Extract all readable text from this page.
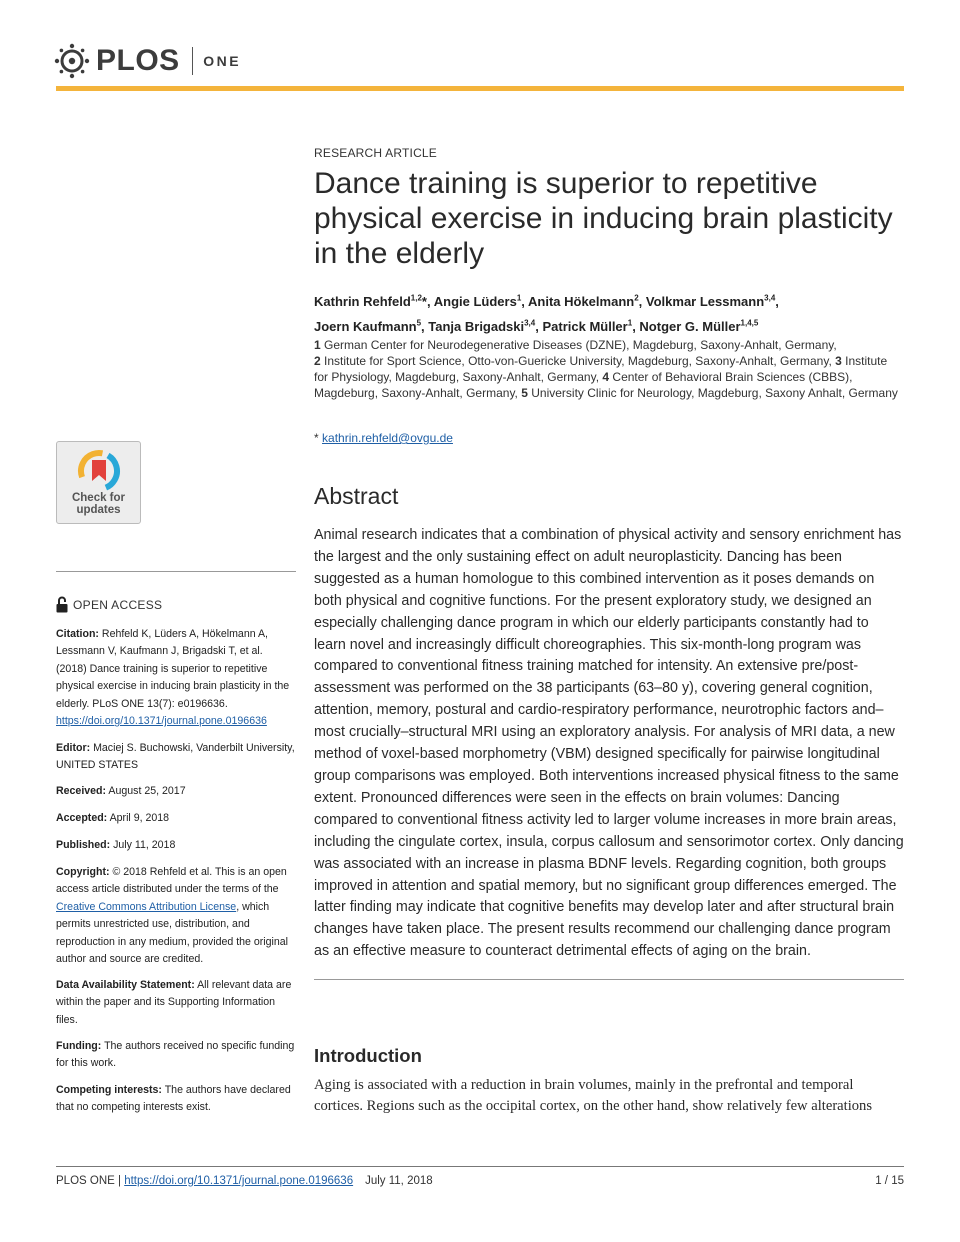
PLOS ONE
RESEARCH ARTICLE
Dance training is superior to repetitive physical exercise in inducing brain plasticity in the elderly
Kathrin Rehfeld$^{1,2}$*, Angie Lüders$^1$, Anita Hökelmann$^2$, Volkmar Lessmann$^{3,4}$,
Joern Kaufmann$^5$, Tanja Brigadski$^{3,4}$, Patrick Müller$^1$, Notger G. Müller$^{1,4,5}$
1 German Center for Neurodegenerative Diseases (DZNE), Magdeburg, Saxony-Anhalt, Germany,
2 Institute for Sport Science, Otto-von-Guericke University, Magdeburg, Saxony-Anhalt, Germany, 3 Institute for Physiology, Magdeburg, Saxony-Anhalt, Germany, 4 Center of Behavioral Brain Sciences (CBBS), Magdeburg, Saxony-Anhalt, Germany, 5 University Clinic for Neurology, Magdeburg, Saxony Anhalt, Germany
* kathrin.rehfeld@ovgu.de
Abstract

Animal research indicates that a combination of physical activity and sensory enrichment has the largest and the only sustaining effect on adult neuroplasticity. Dancing has been suggested as a human homologue to this combined intervention as it poses demands on both physical and cognitive functions. For the present exploratory study, we designed an especially challenging dance program in which our elderly participants constantly had to learn novel and increasingly difficult choreographies. This six-month-long program was compared to conventional fitness training matched for intensity. An extensive pre/post-assessment was performed on the 38 participants (63–80 y), covering general cognition, attention, memory, postural and cardio-respiratory performance, neurotrophic factors and–most crucially–structural MRI using an exploratory analysis. For analysis of MRI data, a new method of voxel-based morphometry (VBM) designed specifically for pairwise longitudinal group comparisons was employed. Both interventions increased physical fitness to the same extent. Pronounced differences were seen in the effects on brain volumes: Dancing compared to conventional fitness activity led to larger volume increases in more brain areas, including the cingulate cortex, insula, corpus callosum and sensorimotor cortex. Only dancing was associated with an increase in plasma BDNF levels. Regarding cognition, both groups improved in attention and spatial memory, but no significant group differences emerged. The latter finding may indicate that cognitive benefits may develop later and after structural brain changes have taken place. The present results recommend our challenging dance program as an effective measure to counteract detrimental effects of aging on the brain.

Introduction

Aging is associated with a reduction in brain volumes, mainly in the prefrontal and temporal cortices. Regions such as the occipital cortex, on the other hand, show relatively few alterations

Check for updates
OPEN ACCESS
Citation: Rehfeld K, Lüders A, Hökelmann A, Lessmann V, Kaufmann J, Brigadski T, et al. (2018) Dance training is superior to repetitive physical exercise in inducing brain plasticity in the elderly. PLoS ONE 13(7): e0196636. https://doi.org/10.1371/journal.pone.0196636
Editor: Maciej S. Buchowski, Vanderbilt University, UNITED STATES
Received: August 25, 2017
Accepted: April 9, 2018
Published: July 11, 2018
Copyright: © 2018 Rehfeld et al. This is an open access article distributed under the terms of the Creative Commons Attribution License, which permits unrestricted use, distribution, and reproduction in any medium, provided the original author and source are credited.
Data Availability Statement: All relevant data are within the paper and its Supporting Information files.
Funding: The authors received no specific funding for this work.
Competing interests: The authors have declared that no competing interests exist.
PLOS ONE | https://doi.org/10.1371/journal.pone.0196636 July 11, 2018	1 / 15
